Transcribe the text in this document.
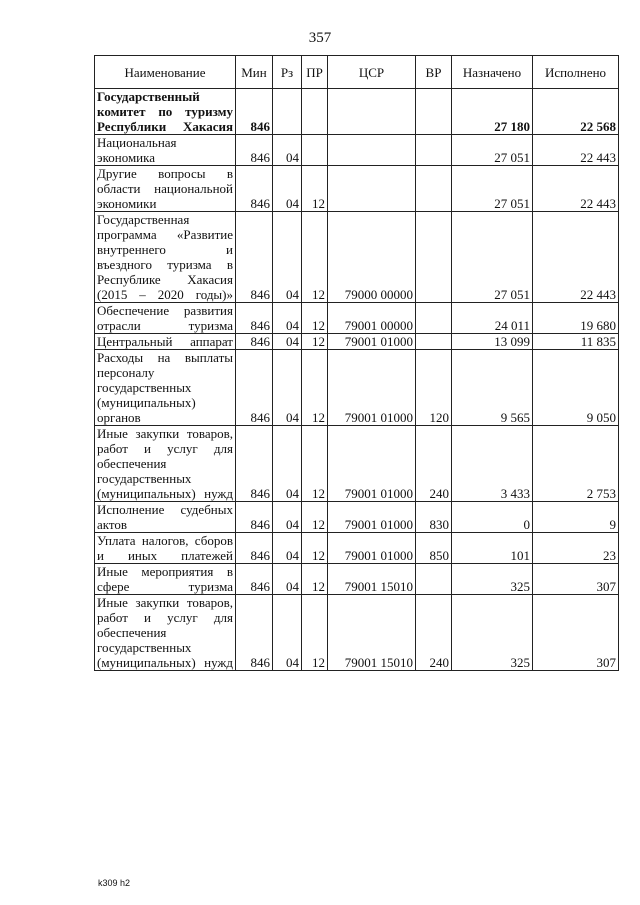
357
Наименование	Мин	Рз	ПР	ЦСР	ВР	Назначено	Исполнено
Государственный комитет по туризму Республики Хакасия	846					27 180	22 568
Национальная экономика	846	04				27 051	22 443
Другие вопросы в области национальной экономики	846	04	12			27 051	22 443
Государственная программа «Развитие внутреннего и въездного туризма в Республике Хакасия (2015 – 2020 годы)»	846	04	12	79000 00000		27 051	22 443
Обеспечение развития отрасли туризма	846	04	12	79001 00000		24 011	19 680
Центральный аппарат	846	04	12	79001 01000		13 099	11 835
Расходы на выплаты персоналу государственных (муниципальных) органов	846	04	12	79001 01000	120	9 565	9 050
Иные закупки товаров, работ и услуг для обеспечения государственных (муниципальных) нужд	846	04	12	79001 01000	240	3 433	2 753
Исполнение судебных актов	846	04	12	79001 01000	830	0	9
Уплата налогов, сборов и иных платежей	846	04	12	79001 01000	850	101	23
Иные мероприятия в сфере туризма	846	04	12	79001 15010		325	307
Иные закупки товаров, работ и услуг для обеспечения государственных (муниципальных) нужд	846	04	12	79001 15010	240	325	307
k309 h2
